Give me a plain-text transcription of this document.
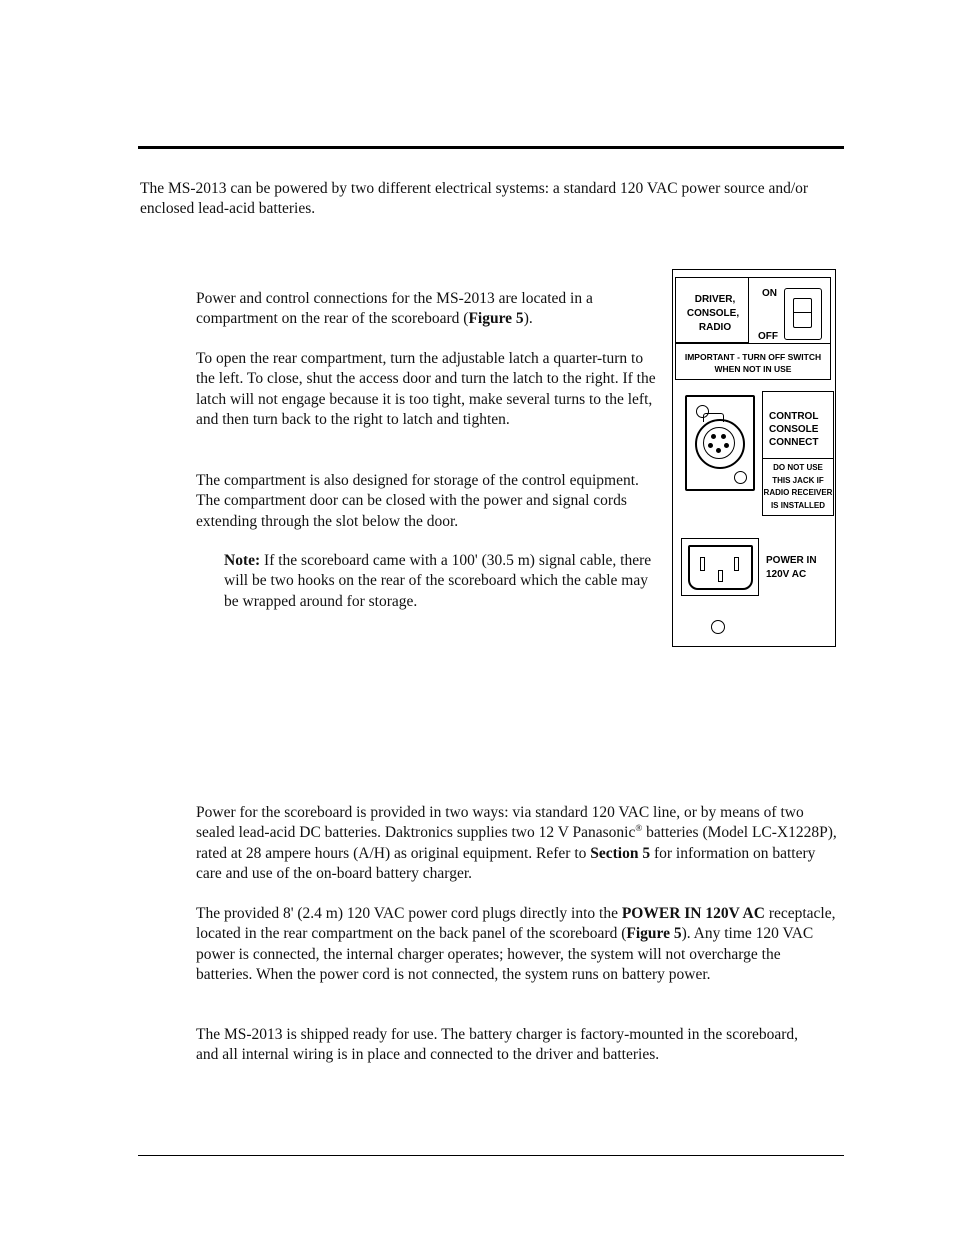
The MS-2013 can be powered by two different electrical systems: a standard 120 VAC power source and/or enclosed lead-acid batteries.

Power and control connections for the MS-2013 are located in a compartment on the rear of the scoreboard (Figure 5).

To open the rear compartment, turn the adjustable latch a quarter-turn to the left. To close, shut the access door and turn the latch to the right. If the latch will not engage because it is too tight, make several turns to the left, and then turn back to the right to latch and tighten.

The compartment is also designed for storage of the control equipment. The compartment door can be closed with the power and signal cords extending through the slot below the door.

Note: If the scoreboard came with a 100' (30.5 m) signal cable, there will be two hooks on the rear of the scoreboard which the cable may be wrapped around for storage.

DRIVER,
CONSOLE,
RADIO
ON
OFF
IMPORTANT - TURN OFF SWITCH
WHEN NOT IN USE
CONTROL
CONSOLE
CONNECT
DO NOT USE
THIS JACK IF
RADIO RECEIVER
IS INSTALLED
POWER IN
120V AC

Power for the scoreboard is provided in two ways: via standard 120 VAC line, or by means of two sealed lead-acid DC batteries. Daktronics supplies two 12 V Panasonic® batteries (Model LC-X1228P), rated at 28 ampere hours (A/H) as original equipment. Refer to Section 5 for information on battery care and use of the on-board battery charger.

The provided 8' (2.4 m) 120 VAC power cord plugs directly into the POWER IN 120V AC receptacle, located in the rear compartment on the back panel of the scoreboard (Figure 5). Any time 120 VAC power is connected, the internal charger operates; however, the system will not overcharge the batteries. When the power cord is not connected, the system runs on battery power.

The MS-2013 is shipped ready for use. The battery charger is factory-mounted in the scoreboard, and all internal wiring is in place and connected to the driver and batteries.
